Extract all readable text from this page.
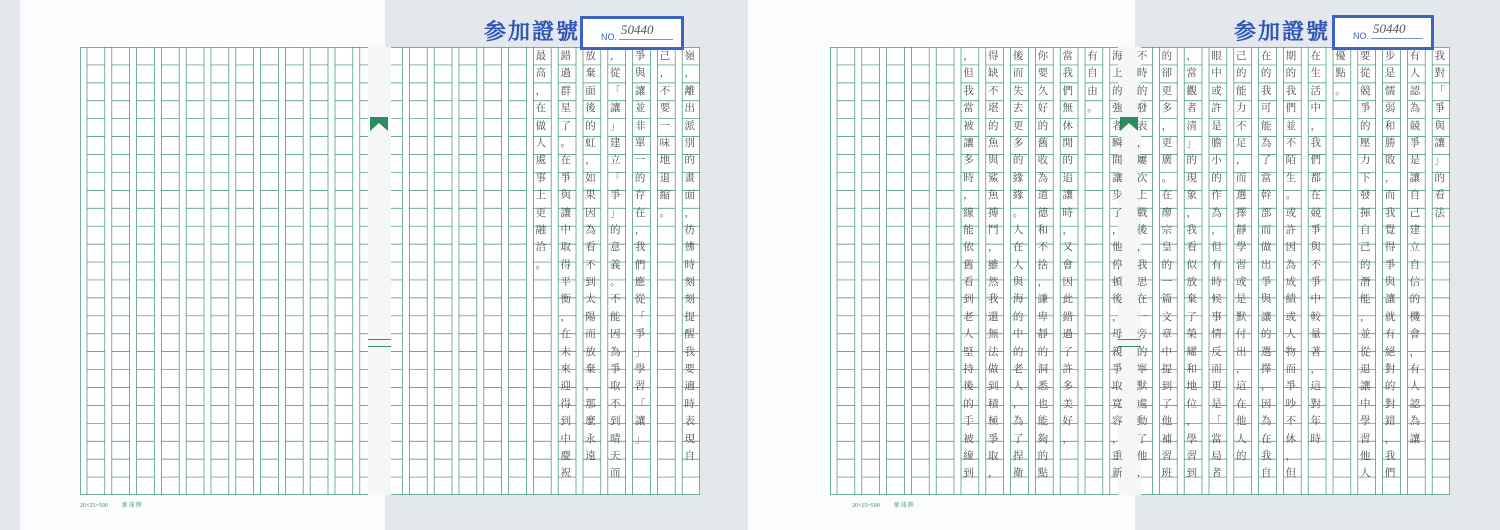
参加證號 NO. 50440
20×25=500 象球牌
嶺
，
離
出
派
別
的
畫
面
，
彷
彿
時
刻
刻
提
醒
我
要
適
時
表
現
自
己
，
不
要
一
味
地
退
縮
。
爭
與
讓
並
非
單
一
的
存
在
，
我
們
應
從
「
爭
」
學
習
「
讓
」
，
從
「
讓
」
建
立
「
爭
」
的
意
義
。
不
能
因
為
爭
取
不
到
晴
天
而
放
棄
面
後
的
虹
，
如
果
因
為
看
不
到
太
陽
而
放
棄
，
那
麼
永
遠
錯
過
群
星
了
。
在
爭
與
讓
中
取
得
平
衡
，
在
未
來
迎
得
到
中
慶
祝
最
高
，
在
做
人
處
事
上
更
融
洽
。
参加證號	NO. 50440
20×25=500 象球牌
我
對
「
爭
與
讓
」
的
看
法
有
人
認
為
競
爭
是
讓
自
己
建
立
自
信
的
機
會
，
有
人
認
為
讓
步
是
懦
弱
和
勝
敗
，
而
我
覺
得
爭
與
讓
就
有
絕
對
的
對
錯
，
我
們
要
從
競
爭
的
壓
力
下
發
揮
自
己
的
潛
能
，
並
從
退
讓
中
學
習
他
人
優
點
。
在
生
活
中
，
我
們
都
在
競
爭
與
不
爭
中
較
量
著
，
這
對
年
時
期
的
我
們
並
不
陌
生
。
或
許
因
為
成
績
或
人
物
而
爭
吵
不
休
，
但
在
的
我
可
能
為
了
當
幹
部
而
做
出
爭
與
讓
的
選
擇
，
因
為
在
我
自
己
的
能
力
不
足
，
而
選
擇
靜
學
習
或
是
默
付
出
，
這
在
他
人
的
眼
中
或
許
是
膽
小
的
作
為
，
但
有
時
候
事
情
反
而
更
是
「
當
局
者
，
當
觀
者
清
」
的
現
象
，
我
看
似
放
棄
了
榮
耀
和
地
位
，
學
習
到
的
卻
更
多
，
更
廣
。
在
廖
宗
皇
的
一
篇
文
章
中
提
到
了
他
補
習
班
不
時
的
發
表
，
屢
次
上
戰
後
，
我
思
在
一
旁
的
寧
默
處
動
了
他
，
海
上
的
強
者
瞬
間
讓
步
了
，
他
停
頓
後
，
母
親
爭
取
寬
容
，
重
新
有
自
由
。
當
我
們
無
休
閒
的
追
讓
時
，
又
會
因
此
錯
過
了
許
多
美
好
，
你
要
久
好
的
舊
收
為
道
德
和
不
捨
，
謙
卑
靜
的
洞
悉
也
能
夠
的
點
後
而
失
去
更
多
的
緣
緣
。
人
在
人
與
海
的
中
的
老
人
，
為
了
捍
衛
得
缺
不
堪
的
魚
與
鯊
魚
搏
鬥
，
雖
然
我
還
無
法
做
到
積
極
爭
取
，
，
但
我
當
被
讓
多
時
，
線
能
依
舊
看
到
老
人
堅
持
後
的
手
被
線
到
